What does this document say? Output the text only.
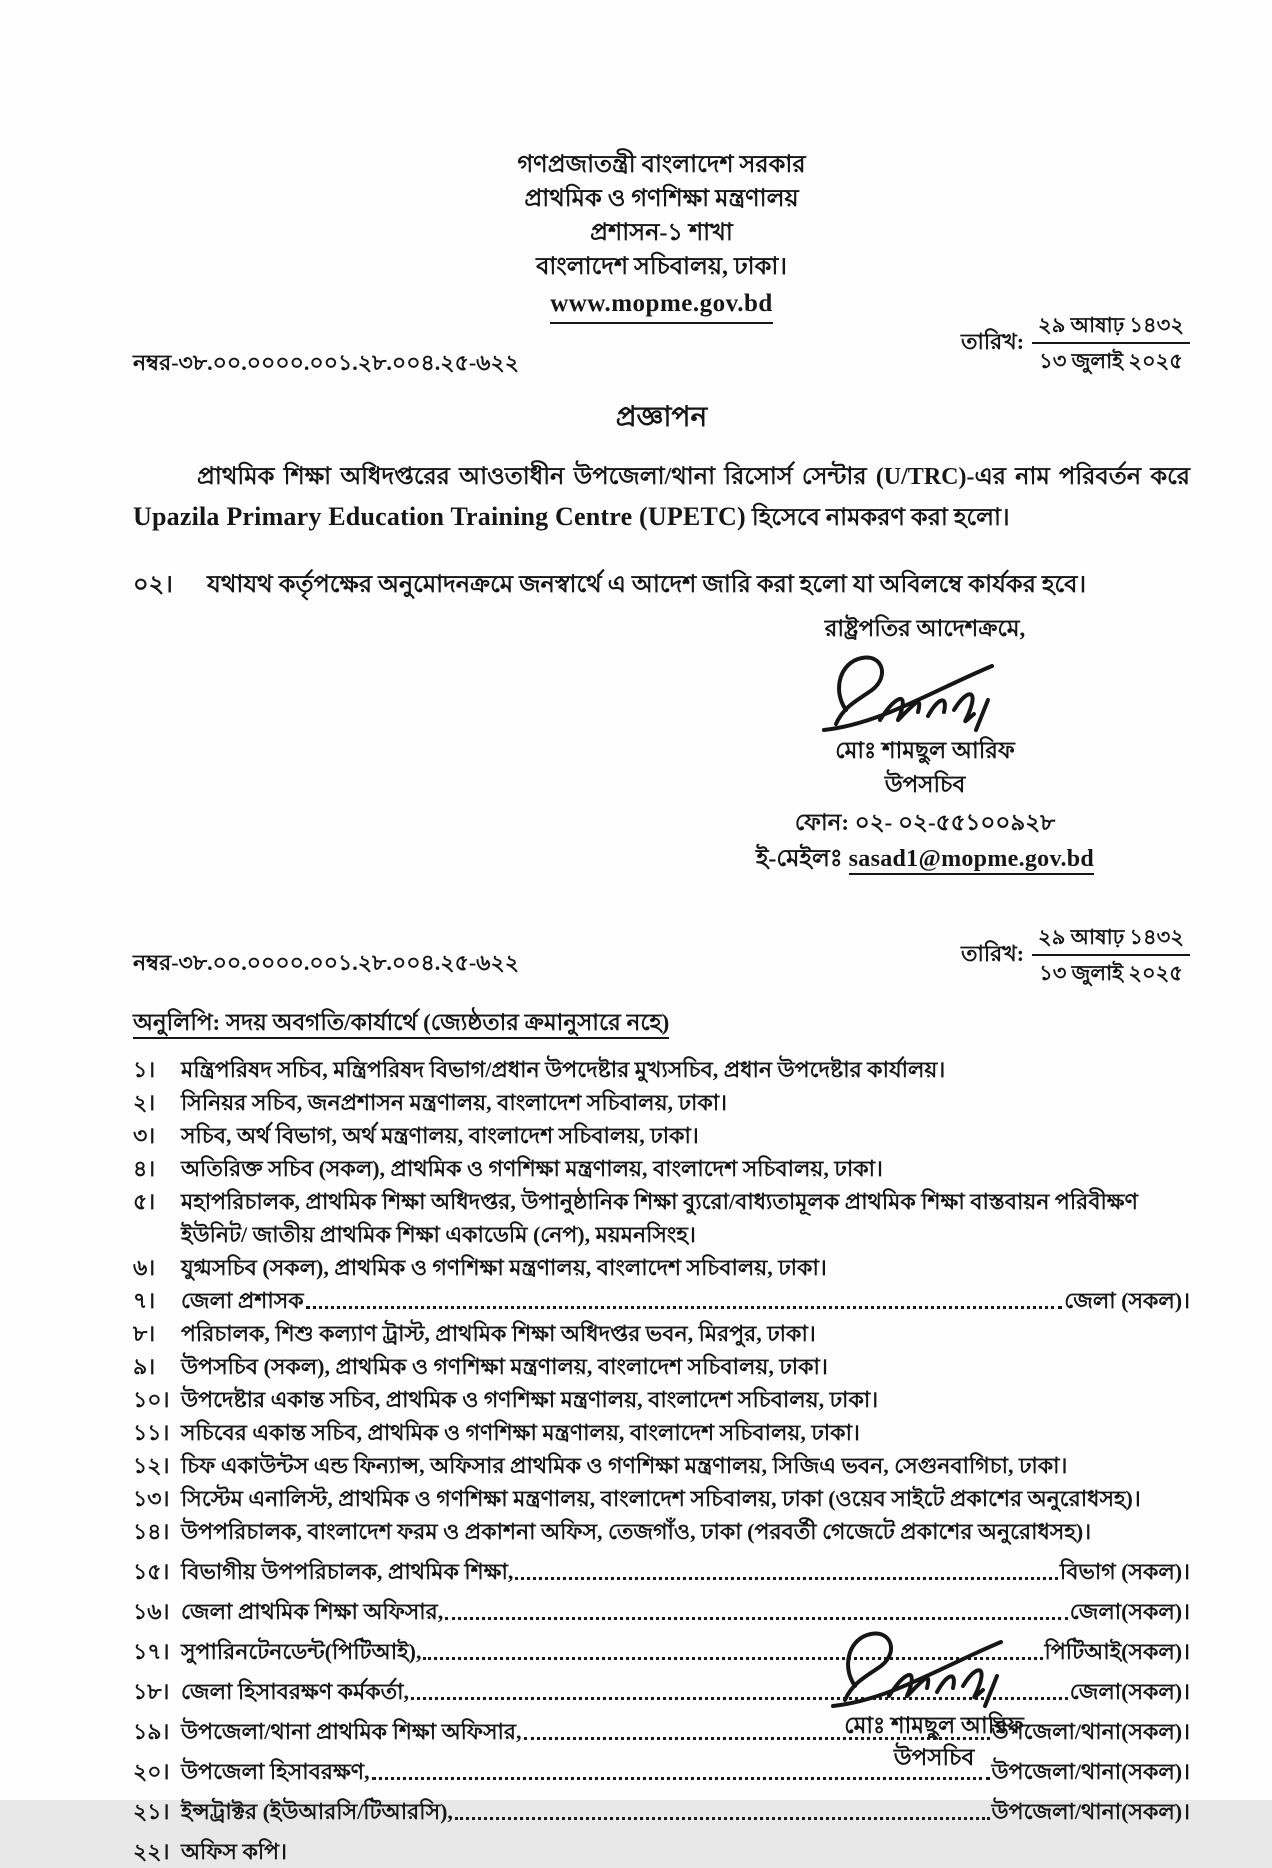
গণপ্রজাতন্ত্রী বাংলাদেশ সরকার
প্রাথমিক ও গণশিক্ষা মন্ত্রণালয়
প্রশাসন-১ শাখা
বাংলাদেশ সচিবালয়, ঢাকা।
www.mopme.gov.bd
নম্বর-৩৮.০০.০০০০.০০১.২৮.০০৪.২৫-৬২২
তারিখ: $\frac{\text{২৯ আষাঢ় ১৪৩২}}{\text{১৩ জুলাই ২০২৫}}$
প্রজ্ঞাপন

প্রাথমিক শিক্ষা অধিদপ্তরের আওতাধীন উপজেলা/থানা রিসোর্স সেন্টার (U/TRC)-এর নাম পরিবর্তন করে Upazila Primary Education Training Centre (UPETC) হিসেবে নামকরণ করা হলো।

০২।	যথাযথ কর্তৃপক্ষের অনুমোদনক্রমে জনস্বার্থে এ আদেশ জারি করা হলো যা অবিলম্বে কার্যকর হবে।
রাষ্ট্রপতির আদেশক্রমে,
মোঃ শামছুল আরিফ
উপসচিব
ফোন: ০২- ০২-৫৫১০০৯২৮
ই-মেইলঃ sasad1@mopme.gov.bd
নম্বর-৩৮.০০.০০০০.০০১.২৮.০০৪.২৫-৬২২	তারিখ: $\frac{\text{২৯ আষাঢ় ১৪৩২}}{\text{১৩ জুলাই ২০২৫}}$
অনুলিপি: সদয় অবগতি/কার্যার্থে (জ্যেষ্ঠতার ক্রমানুসারে নহে)
১।	মন্ত্রিপরিষদ সচিব, মন্ত্রিপরিষদ বিভাগ/প্রধান উপদেষ্টার মুখ্যসচিব, প্রধান উপদেষ্টার কার্যালয়।
২।	সিনিয়র সচিব, জনপ্রশাসন মন্ত্রণালয়, বাংলাদেশ সচিবালয়, ঢাকা।
৩।	সচিব, অর্থ বিভাগ, অর্থ মন্ত্রণালয়, বাংলাদেশ সচিবালয়, ঢাকা।
৪।	অতিরিক্ত সচিব (সকল), প্রাথমিক ও গণশিক্ষা মন্ত্রণালয়, বাংলাদেশ সচিবালয়, ঢাকা।
৫।	মহাপরিচালক, প্রাথমিক শিক্ষা অধিদপ্তর, উপানুষ্ঠানিক শিক্ষা ব্যুরো/বাধ্যতামূলক প্রাথমিক শিক্ষা বাস্তবায়ন পরিবীক্ষণ ইউনিট/ জাতীয় প্রাথমিক শিক্ষা একাডেমি (নেপ), ময়মনসিংহ।
৬।	যুগ্মসচিব (সকল), প্রাথমিক ও গণশিক্ষা মন্ত্রণালয়, বাংলাদেশ সচিবালয়, ঢাকা।
৭।	জেলা প্রশাসক	জেলা (সকল)।
৮।	পরিচালক, শিশু কল্যাণ ট্রাস্ট, প্রাথমিক শিক্ষা অধিদপ্তর ভবন, মিরপুর, ঢাকা।
৯।	উপসচিব (সকল), প্রাথমিক ও গণশিক্ষা মন্ত্রণালয়, বাংলাদেশ সচিবালয়, ঢাকা।
১০। উপদেষ্টার একান্ত সচিব, প্রাথমিক ও গণশিক্ষা মন্ত্রণালয়, বাংলাদেশ সচিবালয়, ঢাকা।
১১। সচিবের একান্ত সচিব, প্রাথমিক ও গণশিক্ষা মন্ত্রণালয়, বাংলাদেশ সচিবালয়, ঢাকা।
১২। চিফ একাউন্টস এন্ড ফিন্যান্স, অফিসার প্রাথমিক ও গণশিক্ষা মন্ত্রণালয়, সিজিএ ভবন, সেগুনবাগিচা, ঢাকা।
১৩। সিস্টেম এনালিস্ট, প্রাথমিক ও গণশিক্ষা মন্ত্রণালয়, বাংলাদেশ সচিবালয়, ঢাকা (ওয়েব সাইটে প্রকাশের অনুরোধসহ)।
১৪। উপপরিচালক, বাংলাদেশ ফরম ও প্রকাশনা অফিস, তেজগাঁও, ঢাকা (পরবর্তী গেজেটে প্রকাশের অনুরোধসহ)।
১৫। বিভাগীয় উপপরিচালক, প্রাথমিক শিক্ষা,	বিভাগ (সকল)।
১৬। জেলা প্রাথমিক শিক্ষা অফিসার,	জেলা(সকল)।
১৭। সুপারিনটেনডেন্ট(পিটিআই),	পিটিআই(সকল)।
১৮। জেলা হিসাবরক্ষণ কর্মকর্তা,	জেলা(সকল)।
১৯। উপজেলা/থানা প্রাথমিক শিক্ষা অফিসার,	উপজেলা/থানা(সকল)।
২০। উপজেলা হিসাবরক্ষণ,	উপজেলা/থানা(সকল)।
২১। ইন্সট্রাক্টর (ইউআরসি/টিআরসি),	উপজেলা/থানা(সকল)।
২২। অফিস কপি।
মোঃ শামছুল আরিফ
উপসচিব
